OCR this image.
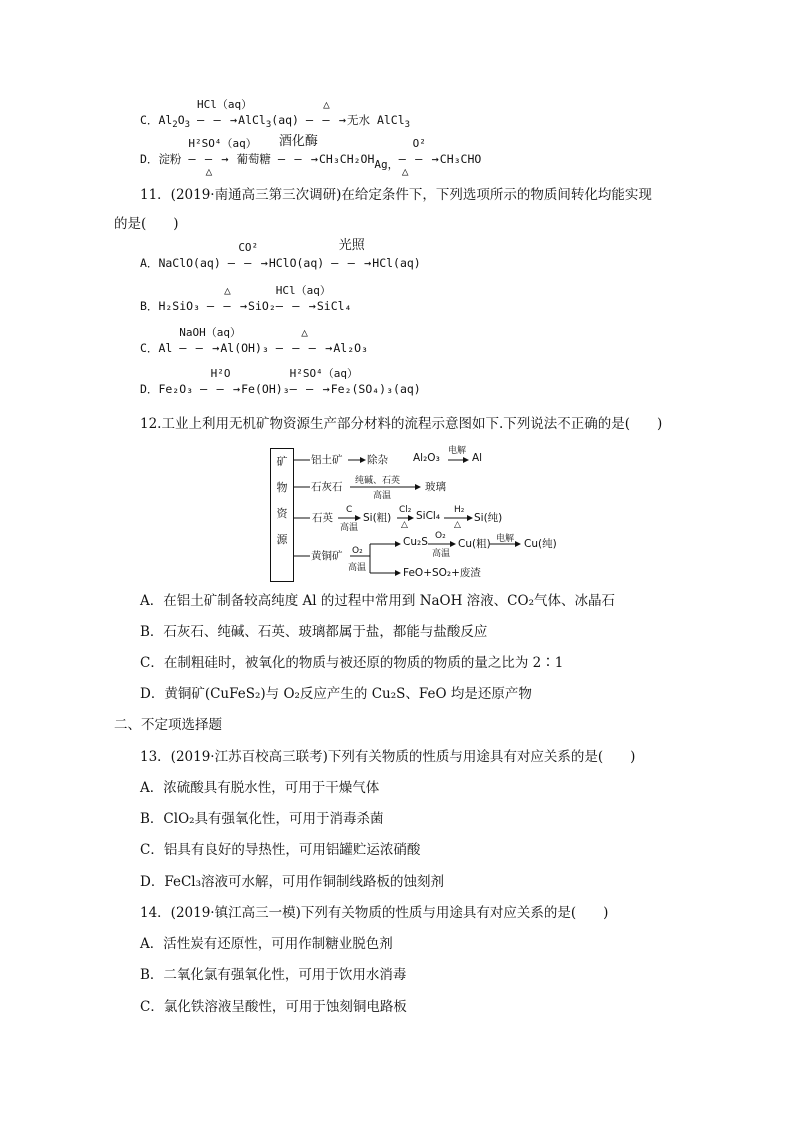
C．$Al_2O_3$
HCl（aq）
— — →AlCl$_3$(aq)
△
— — →无水 AlCl$_3$
D．淀粉
H²SO⁴（aq）
— — →
△
葡萄糖
酒化酶
— — →CH₃CH₂OHAg，
O²
— — →
△
CH₃CHO
11．(2019·南通高三第三次调研)在给定条件下，下列选项所示的物质间转化均能实现
的是(　　)
A．NaClO(aq)
CO²
— — →HClO(aq)
光照
— — →HCl(aq)
B．H₂SiO₃
△
— — →SiO₂
HCl（aq）
— — →SiCl₄
C．Al
NaOH（aq）
— — →Al(OH)₃
△
— — — →Al₂O₃
D．Fe₂O₃
H²O
— — →Fe(OH)₃
H²SO⁴（aq）
— — →Fe₂(SO₄)₃(aq)
12.工业上利用无机矿物资源生产部分材料的流程示意图如下.下列说法不正确的是(　　)
矿
物
资
源
铝土矿 除杂 Al₂O₃
电解
Al
石灰石 纯碱、石英
高温
玻璃
石英
C
高温
Si(粗)
Cl₂
△
SiCl₄ H₂
△
Si(纯)
黄铜矿 O₂
高温
Cu₂S O₂
高温
Cu(粗) 电解 Cu(纯)
FeO+SO₂+废渣
A．在铝土矿制备较高纯度 Al 的过程中常用到 NaOH 溶液、CO₂气体、冰晶石
B．石灰石、纯碱、石英、玻璃都属于盐，都能与盐酸反应
C．在制粗硅时，被氧化的物质与被还原的物质的物质的量之比为 2∶1
D．黄铜矿(CuFeS₂)与 O₂反应产生的 Cu₂S、FeO 均是还原产物
二、不定项选择题
13．(2019·江苏百校高三联考)下列有关物质的性质与用途具有对应关系的是(　　)
A．浓硫酸具有脱水性，可用于干燥气体
B．ClO₂具有强氧化性，可用于消毒杀菌
C．铝具有良好的导热性，可用铝罐贮运浓硝酸
D．FeCl₃溶液可水解，可用作铜制线路板的蚀刻剂
14．(2019·镇江高三一模)下列有关物质的性质与用途具有对应关系的是(　　)
A．活性炭有还原性，可用作制糖业脱色剂
B．二氧化氯有强氧化性，可用于饮用水消毒
C．氯化铁溶液呈酸性，可用于蚀刻铜电路板
